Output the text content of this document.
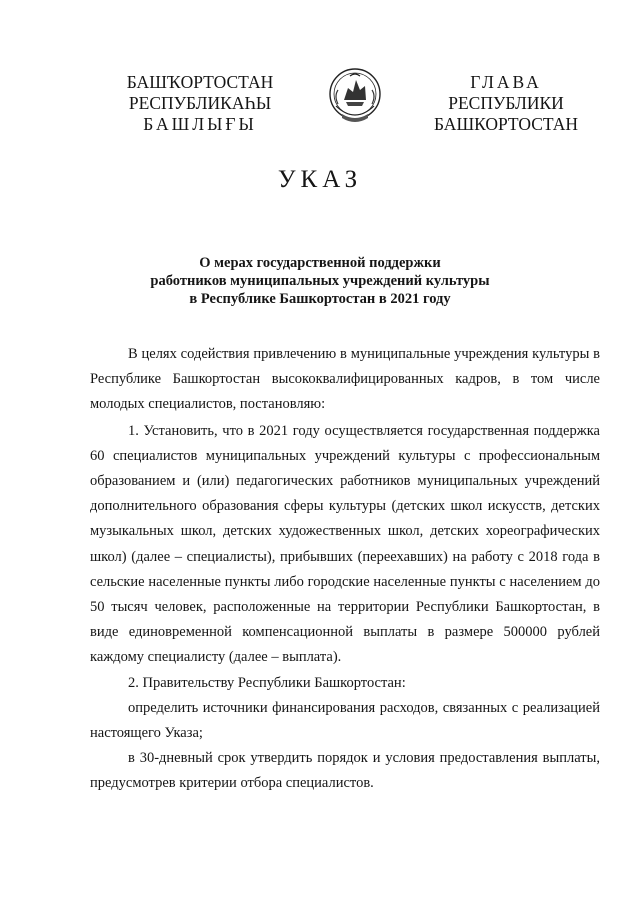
БАШҠОРТОСТАН
РЕСПУБЛИКАҺЫ
БАШЛЫҒЫ
ГЛАВА
РЕСПУБЛИКИ
БАШКОРТОСТАН
УКАЗ
О мерах государственной поддержки
работников муниципальных учреждений культуры
в Республике Башкортостан в 2021 году
В целях содействия привлечению в муниципальные учреждения культуры в Республике Башкортостан высококвалифицированных кадров, в том числе молодых специалистов, постановляю:
1. Установить, что в 2021 году осуществляется государственная поддержка 60 специалистов муниципальных учреждений культуры с профессиональным образованием и (или) педагогических работников муниципальных учреждений дополнительного образования сферы культуры (детских школ искусств, детских музыкальных школ, детских художественных школ, детских хореографических школ) (далее – специалисты), прибывших (переехавших) на работу с 2018 года в сельские населенные пункты либо городские населенные пункты с населением до 50 тысяч человек, расположенные на территории Республики Башкортостан, в виде единовременной компенсационной выплаты в размере 500000 рублей каждому специалисту (далее – выплата).
2. Правительству Республики Башкортостан:
определить источники финансирования расходов, связанных с реализацией настоящего Указа;
в 30-дневный срок утвердить порядок и условия предоставления выплаты, предусмотрев критерии отбора специалистов.
